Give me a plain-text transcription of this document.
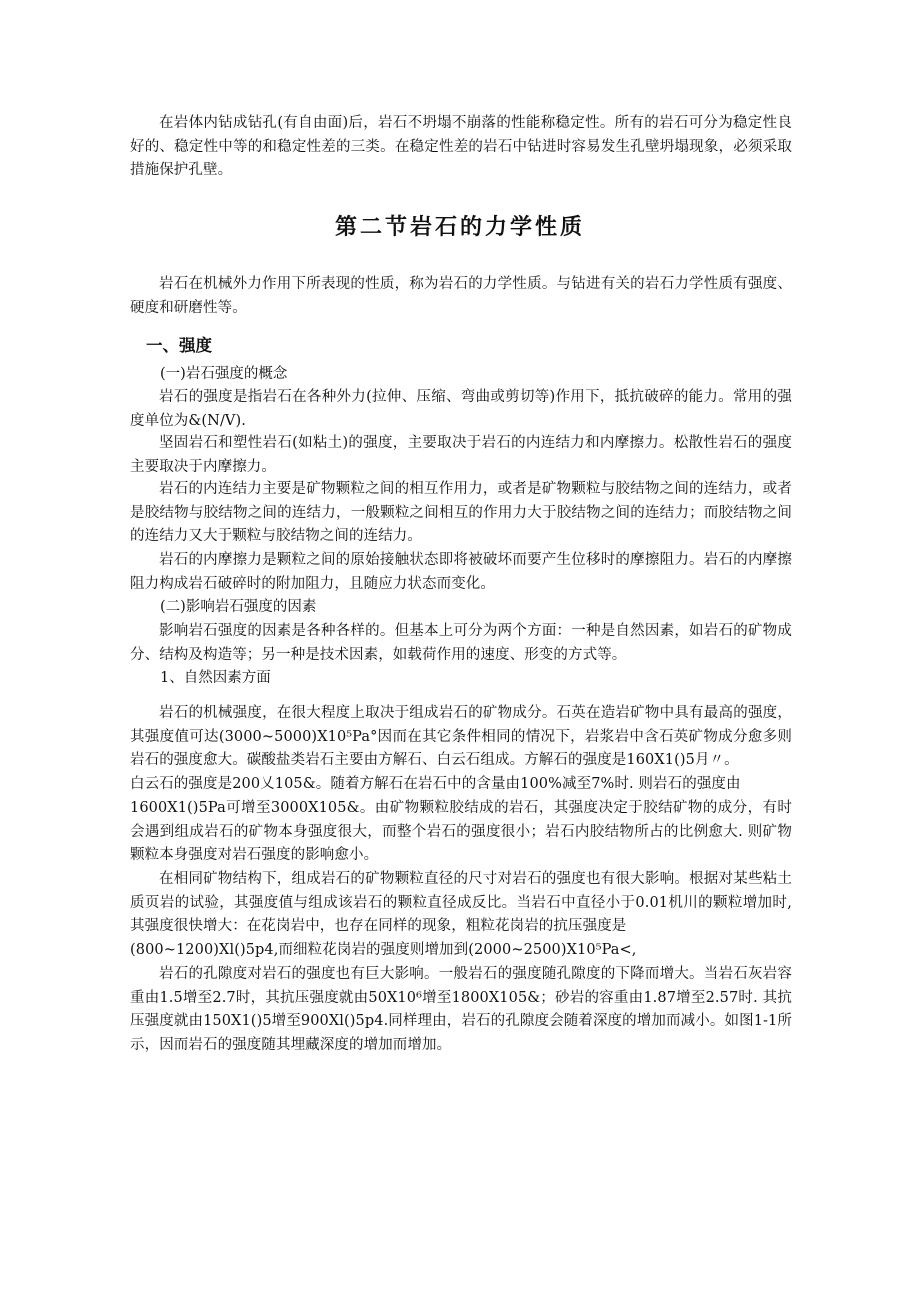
在岩体内钻成钻孔(有自由面)后，岩石不坍塌不崩落的性能称稳定性。所有的岩石可分为稳定性良好的、稳定性中等的和稳定性差的三类。在稳定性差的岩石中钻进时容易发生孔壁坍塌现象，必须采取措施保护孔壁。

第二节岩石的力学性质

岩石在机械外力作用下所表现的性质，称为岩石的力学性质。与钻进有关的岩石力学性质有强度、硬度和研磨性等。

一、强度

(一)岩石强度的概念

岩石的强度是指岩石在各种外力(拉伸、压缩、弯曲或剪切等)作用下，抵抗破碎的能力。常用的强度单位为&(N∕V).

坚固岩石和塑性岩石(如粘土)的强度，主要取决于岩石的内连结力和内摩擦力。松散性岩石的强度主要取决于内摩擦力。

岩石的内连结力主要是矿物颗粒之间的相互作用力，或者是矿物颗粒与胶结物之间的连结力，或者是胶结物与胶结物之间的连结力，一般颗粒之间相互的作用力大于胶结物之间的连结力；而胶结物之间的连结力又大于颗粒与胶结物之间的连结力。

岩石的内摩擦力是颗粒之间的原始接触状态即将被破坏而要产生位移时的摩擦阻力。岩石的内摩擦阻力构成岩石破碎时的附加阻力，且随应力状态而变化。

(二)影响岩石强度的因素

影响岩石强度的因素是各种各样的。但基本上可分为两个方面：一种是自然因素，如岩石的矿物成分、结构及构造等；另一种是技术因素，如载荷作用的速度、形变的方式等。

1、自然因素方面

岩石的机械强度，在很大程度上取决于组成岩石的矿物成分。石英在造岩矿物中具有最高的强度，其强度值可达(3000~5000)X10⁵Pa°因而在其它条件相同的情况下，岩浆岩中含石英矿物成分愈多则岩石的强度愈大。碳酸盐类岩石主要由方解石、白云石组成。方解石的强度是160X1()5月〃。

白云石的强度是200乂105&。随着方解石在岩石中的含量由100%减至7%时. 则岩石的强度由

1600X1()5Pa可增至3000X105&。由矿物颗粒胶结成的岩石，其强度决定于胶结矿物的成分，有时会遇到组成岩石的矿物本身强度很大，而整个岩石的强度很小；岩石内胶结物所占的比例愈大. 则矿物颗粒本身强度对岩石强度的影响愈小。

在相同矿物结构下，组成岩石的矿物颗粒直径的尺寸对岩石的强度也有很大影响。根据对某些粘土质页岩的试验，其强度值与组成该岩石的颗粒直径成反比。当岩石中直径小于0.01机川的颗粒增加时, 其强度很快增大：在花岗岩中，也存在同样的现象，粗粒花岗岩的抗压强度是

(800~1200)Xl()5p4,而细粒花岗岩的强度则增加到(2000~2500)X10⁵Pa<,

岩石的孔隙度对岩石的强度也有巨大影响。一般岩石的强度随孔隙度的下降而增大。当岩石灰岩容重由1.5增至2.7时，其抗压强度就由50X10⁶增至1800X105&；砂岩的容重由1.87增至2.57时. 其抗压强度就由150X1()5增至900Xl()5p4.同样理由，岩石的孔隙度会随着深度的增加而减小。如图1-1所示，因而岩石的强度随其埋藏深度的增加而增加。
